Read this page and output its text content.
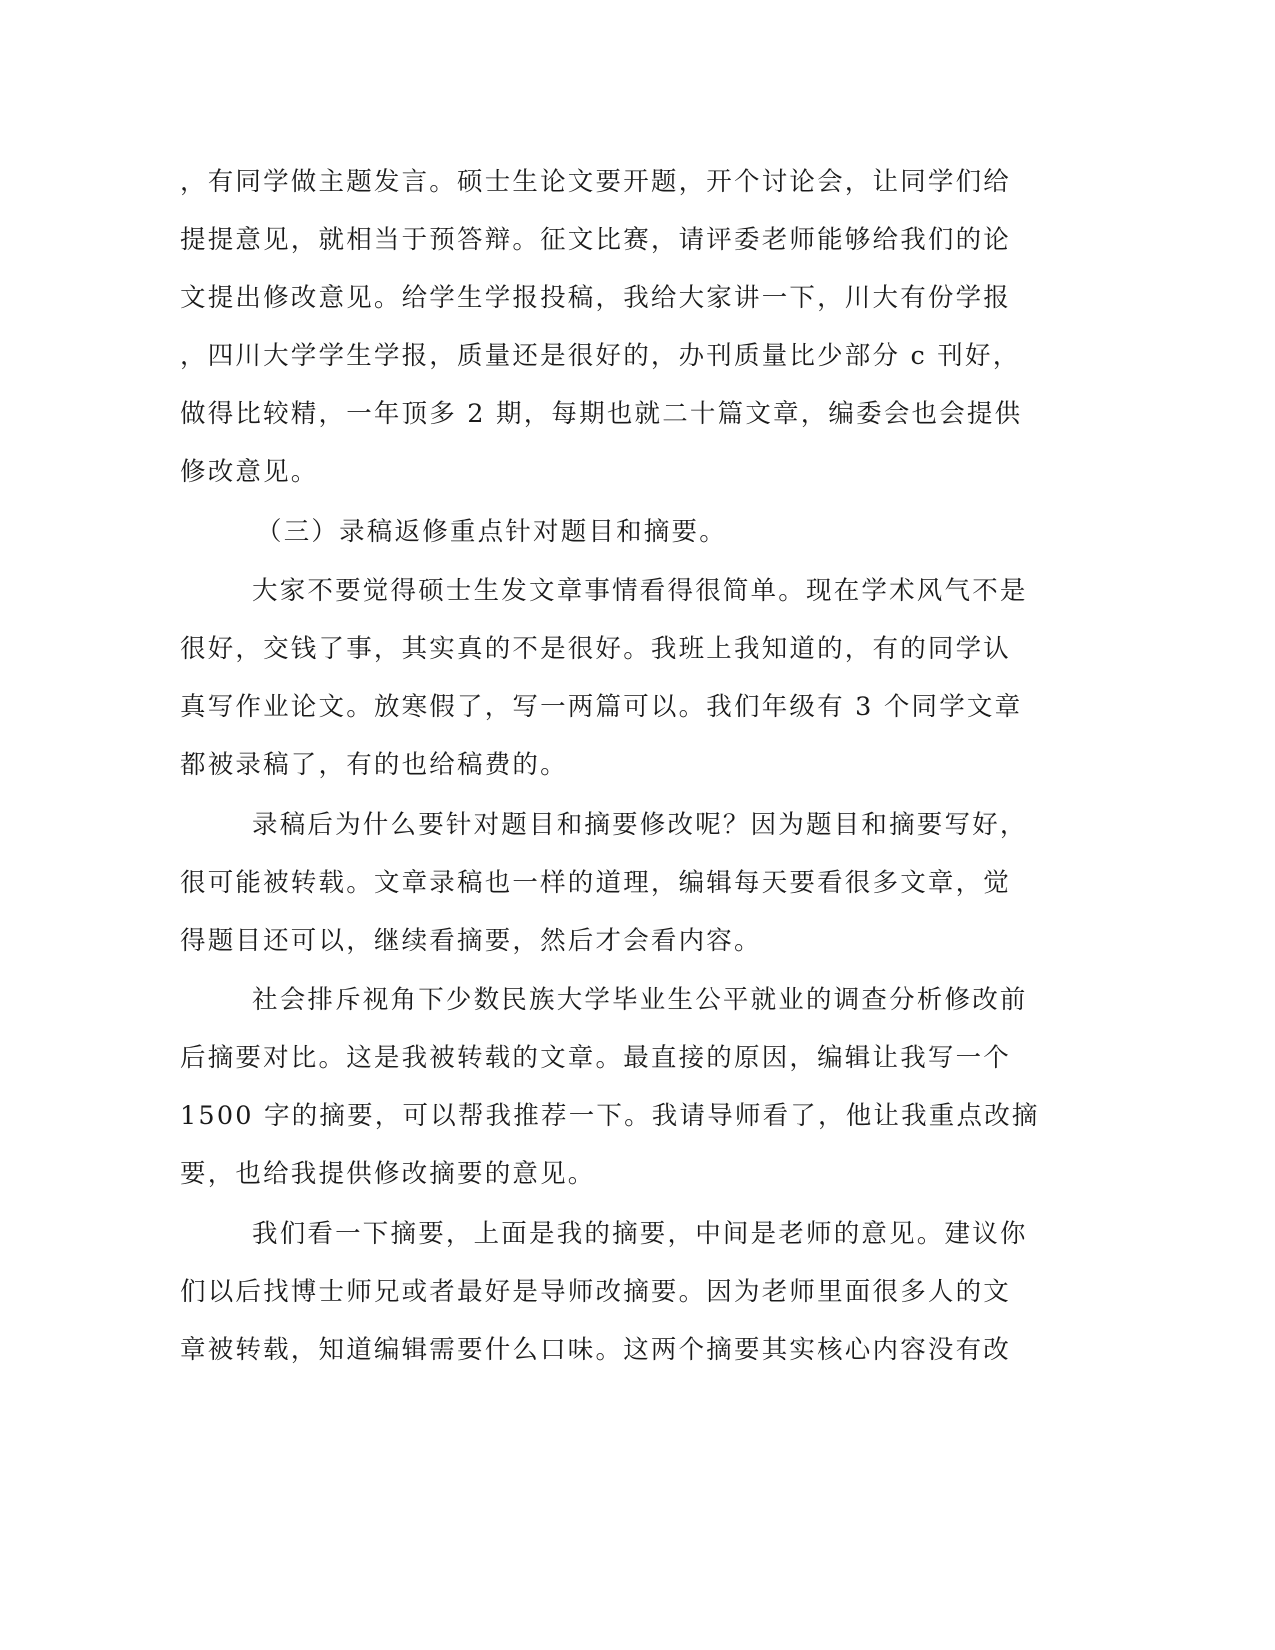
，有同学做主题发言。硕士生论文要开题，开个讨论会，让同学们给
提提意见，就相当于预答辩。征文比赛，请评委老师能够给我们的论
文提出修改意见。给学生学报投稿，我给大家讲一下，川大有份学报
，四川大学学生学报，质量还是很好的，办刊质量比少部分 c 刊好，
做得比较精，一年顶多 2 期，每期也就二十篇文章，编委会也会提供
修改意见。
（三）录稿返修重点针对题目和摘要。
大家不要觉得硕士生发文章事情看得很简单。现在学术风气不是
很好，交钱了事，其实真的不是很好。我班上我知道的，有的同学认
真写作业论文。放寒假了，写一两篇可以。我们年级有 3 个同学文章
都被录稿了，有的也给稿费的。
录稿后为什么要针对题目和摘要修改呢？因为题目和摘要写好，
很可能被转载。文章录稿也一样的道理，编辑每天要看很多文章，觉
得题目还可以，继续看摘要，然后才会看内容。
社会排斥视角下少数民族大学毕业生公平就业的调查分析修改前
后摘要对比。这是我被转载的文章。最直接的原因，编辑让我写一个
1500 字的摘要，可以帮我推荐一下。我请导师看了，他让我重点改摘
要，也给我提供修改摘要的意见。
我们看一下摘要，上面是我的摘要，中间是老师的意见。建议你
们以后找博士师兄或者最好是导师改摘要。因为老师里面很多人的文
章被转载，知道编辑需要什么口味。这两个摘要其实核心内容没有改
